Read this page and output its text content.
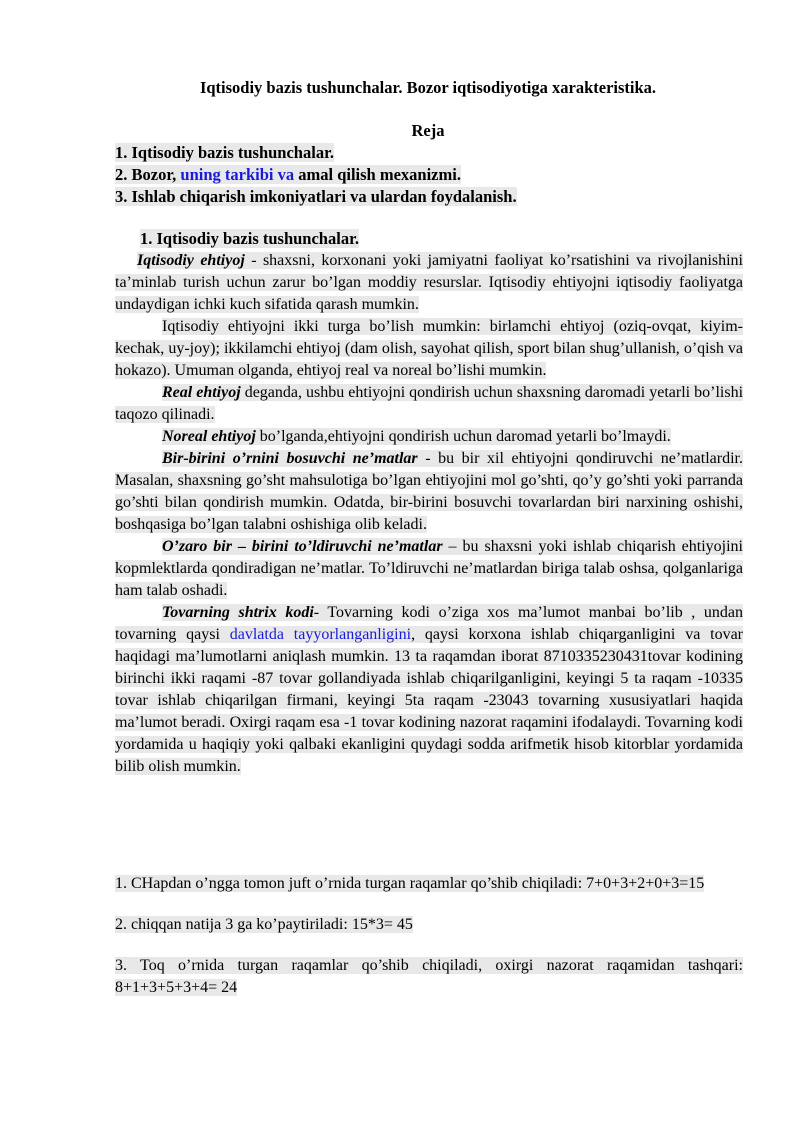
Iqtisodiy bazis tushunchalar. Bozor iqtisodiyotiga xarakteristika.
Reja
1. Iqtisodiy bazis tushunchalar.
2. Bozor, uning tarkibi va amal qilish mexanizmi.
3. Ishlab chiqarish imkoniyatlari va ulardan foydalanish.
1. Iqtisodiy bazis tushunchalar.

Iqtisodiy ehtiyoj - shaxsni, korxonani yoki jamiyatni faoliyat ko’rsatishini va rivojlanishini ta’minlab turish uchun zarur bo’lgan moddiy resurslar. Iqtisodiy ehtiyojni iqtisodiy faoliyatga undaydigan ichki kuch sifatida qarash mumkin.

Iqtisodiy ehtiyojni ikki turga bo’lish mumkin: birlamchi ehtiyoj (oziq-ovqat, kiyim-kechak, uy-joy); ikkilamchi ehtiyoj (dam olish, sayohat qilish, sport bilan shug’ullanish, o’qish va hokazo). Umuman olganda, ehtiyoj real va noreal bo’lishi mumkin.

Real ehtiyoj deganda, ushbu ehtiyojni qondirish uchun shaxsning daromadi yetarli bo’lishi taqozo qilinadi.

Noreal ehtiyoj bo’lganda,ehtiyojni qondirish uchun daromad yetarli bo’lmaydi.

Bir-birini o’rnini bosuvchi ne’matlar - bu bir xil ehtiyojni qondiruvchi ne’matlardir. Masalan, shaxsning go’sht mahsulotiga bo’lgan ehtiyojini mol go’shti, qo’y go’shti yoki parranda go’shti bilan qondirish mumkin. Odatda, bir-birini bosuvchi tovarlardan biri narxining oshishi, boshqasiga bo’lgan talabni oshishiga olib keladi.

O’zaro bir – birini to’ldiruvchi ne’matlar – bu shaxsni yoki ishlab chiqarish ehtiyojini kopmlektlarda qondiradigan ne’matlar. To’ldiruvchi ne’matlardan biriga talab oshsa, qolganlariga ham talab oshadi.

Tovarning shtrix kodi- Tovarning kodi o’ziga xos ma’lumot manbai bo’lib , undan tovarning qaysi davlatda tayyorlanganligini, qaysi korxona ishlab chiqarganligini va tovar haqidagi ma’lumotlarni aniqlash mumkin. 13 ta raqamdan iborat 8710335230431tovar kodining birinchi ikki raqami -87 tovar gollandiyada ishlab chiqarilganligini, keyingi 5 ta raqam -10335 tovar ishlab chiqarilgan firmani, keyingi 5ta raqam -23043 tovarning xususiyatlari haqida ma’lumot beradi. Oxirgi raqam esa -1 tovar kodining nazorat raqamini ifodalaydi. Tovarning kodi yordamida u haqiqiy yoki qalbaki ekanligini quydagi sodda arifmetik hisob kitorblar yordamida bilib olish mumkin.

1. CHapdan o’ngga tomon juft o’rnida turgan raqamlar qo’shib chiqiladi: 7+0+3+2+0+3=15

2. chiqqan natija 3 ga ko’paytiriladi: 15*3= 45

3. Toq o’rnida turgan raqamlar qo’shib chiqiladi, oxirgi nazorat raqamidan tashqari: 8+1+3+5+3+4= 24
